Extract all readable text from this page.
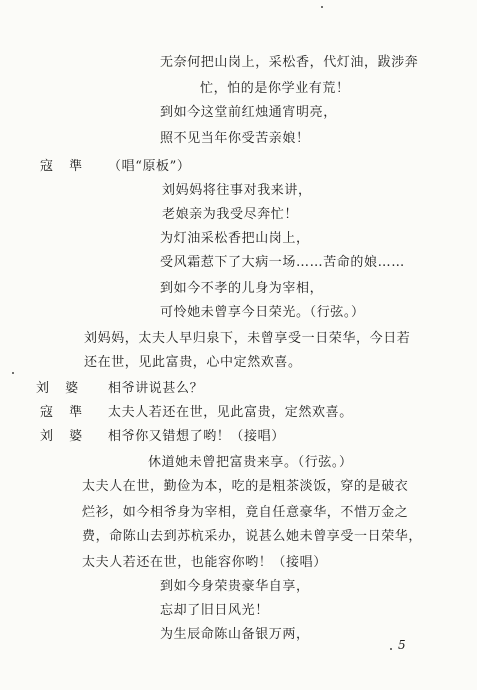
无奈何把山岗上，采松香，代灯油，跋涉奔
忙，怕的是你学业有荒！
到如今这堂前红烛通宵明亮，
照不见当年你受苦亲娘！
寇 準 （唱“原板”）
刘妈妈将往事对我来讲，
老娘亲为我受尽奔忙！
为灯油采松香把山岗上，
受风霜惹下了大病一场……苦命的娘……
到如今不孝的儿身为宰相，
可怜她未曾享今日荣光。（行弦。）
刘妈妈，太夫人早归泉下，未曾享受一日荣华，今日若
还在世，见此富贵，心中定然欢喜。
刘 婆 相爷讲说甚么？
寇 準 太夫人若还在世，见此富贵，定然欢喜。
刘 婆 相爷你又错想了哟！（接唱）
休道她未曾把富贵来享。（行弦。）
太夫人在世，勤俭为本，吃的是粗茶淡饭，穿的是破衣
烂衫，如今相爷身为宰相，竟自任意豪华，不惜万金之
费，命陈山去到苏杭采办，说甚么她未曾享受一日荣华，
太夫人若还在世，也能容你哟！（接唱）
到如今身荣贵豪华自享，
忘却了旧日风光！
为生辰命陈山备银万两，
5
